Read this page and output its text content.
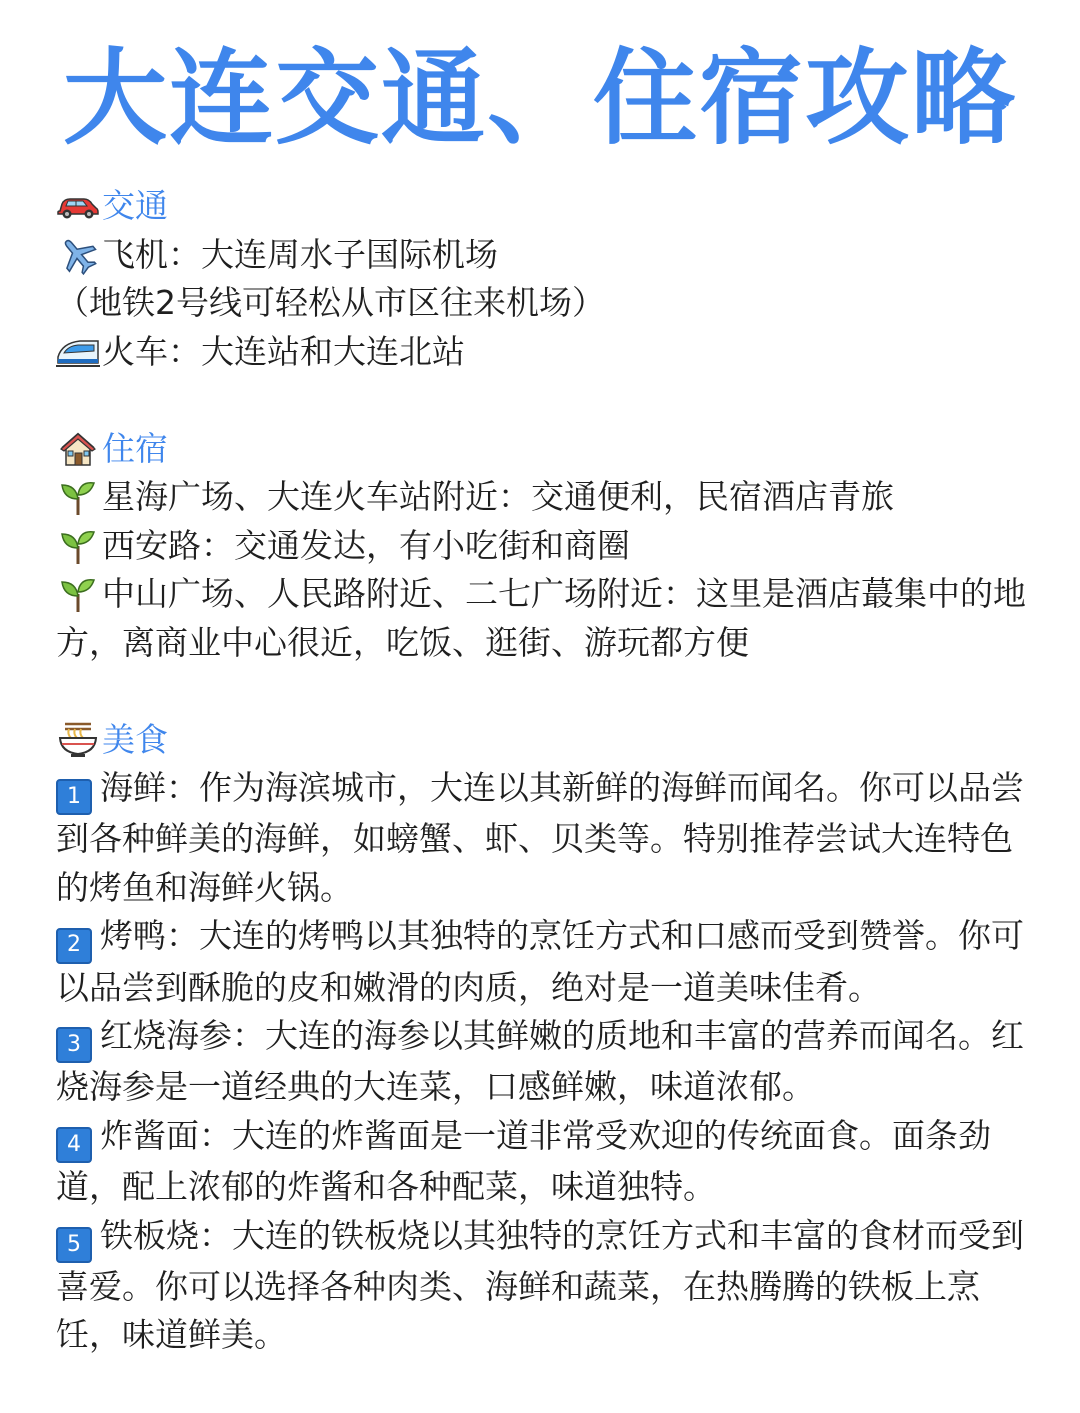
大连交通、住宿攻略
交通
飞机：大连周水子国际机场
（地铁2号线可轻松从市区往来机场）
火车：大连站和大连北站
住宿
星海广场、大连火车站附近：交通便利，民宿酒店青旅
西安路：交通发达，有小吃街和商圈
中山广场、人民路附近、二七广场附近：这里是酒店蕞集中的地方，离商业中心很近，吃饭、逛街、游玩都方便
美食
1 海鲜：作为海滨城市，大连以其新鲜的海鲜而闻名。你可以品尝到各种鲜美的海鲜，如螃蟹、虾、贝类等。特别推荐尝试大连特色的烤鱼和海鲜火锅。
2 烤鸭：大连的烤鸭以其独特的烹饪方式和口感而受到赞誉。你可以品尝到酥脆的皮和嫩滑的肉质，绝对是一道美味佳肴。
3 红烧海参：大连的海参以其鲜嫩的质地和丰富的营养而闻名。红烧海参是一道经典的大连菜，口感鲜嫩，味道浓郁。
4 炸酱面：大连的炸酱面是一道非常受欢迎的传统面食。面条劲道，配上浓郁的炸酱和各种配菜，味道独特。
5 铁板烧：大连的铁板烧以其独特的烹饪方式和丰富的食材而受到喜爱。你可以选择各种肉类、海鲜和蔬菜，在热腾腾的铁板上烹饪，味道鲜美。
